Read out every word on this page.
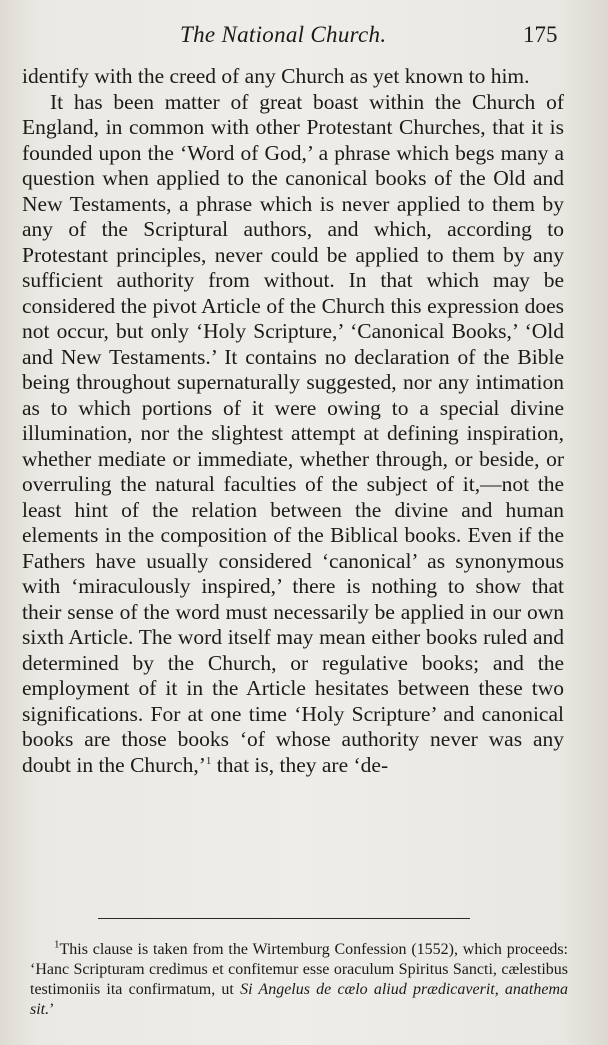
The National Church.	175

identify with the creed of any Church as yet known to him.

It has been matter of great boast within the Church of England, in common with other Protestant Churches, that it is founded upon the ‘Word of God,’ a phrase which begs many a question when applied to the canonical books of the Old and New Testaments, a phrase which is never applied to them by any of the Scriptural authors, and which, according to Protestant principles, never could be applied to them by any sufficient authority from without. In that which may be considered the pivot Article of the Church this expression does not occur, but only ‘Holy Scripture,’ ‘Canonical Books,’ ‘Old and New Testaments.’ It contains no declaration of the Bible being throughout supernaturally suggested, nor any intimation as to which portions of it were owing to a special divine illumination, nor the slightest attempt at defining inspiration, whether mediate or immediate, whether through, or beside, or overruling the natural faculties of the subject of it,—not the least hint of the relation between the divine and human elements in the composition of the Biblical books. Even if the Fathers have usually considered ‘canonical’ as synonymous with ‘miraculously inspired,’ there is nothing to show that their sense of the word must necessarily be applied in our own sixth Article. The word itself may mean either books ruled and determined by the Church, or regulative books; and the employment of it in the Article hesitates between these two significations. For at one time ‘Holy Scripture’ and canonical books are those books ‘of whose authority never was any doubt in the Church,’$^1$ that is, they are ‘de-

$^1$This clause is taken from the Wirtemburg Confession (1552), which proceeds: ‘Hanc Scripturam credimus et confitemur esse oraculum Spiritus Sancti, cælestibus testimoniis ita confirmatum, ut Si Angelus de cælo aliud prædicaverit, anathema sit.’
